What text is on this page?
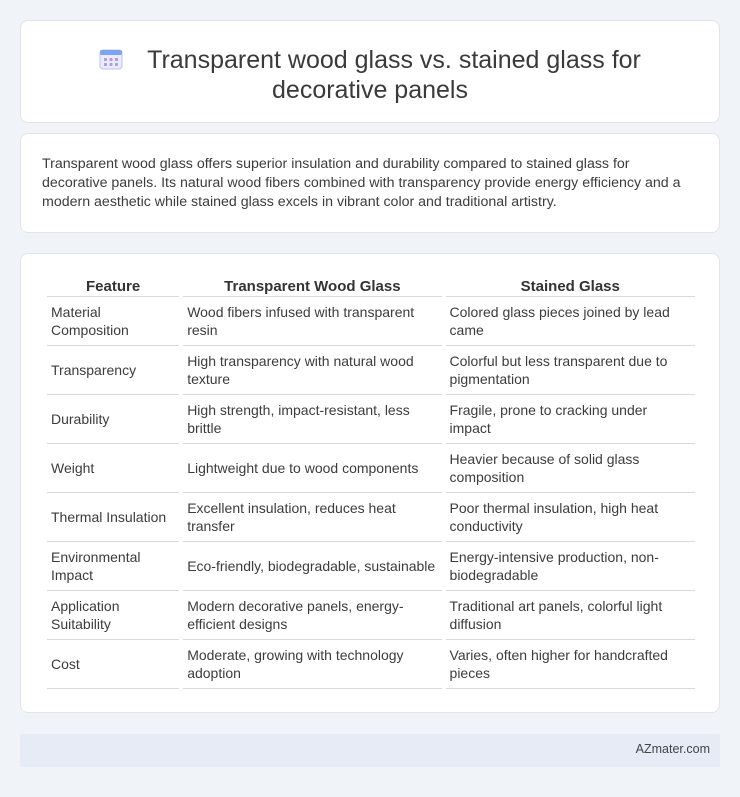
Transparent wood glass vs. stained glass for decorative panels

Transparent wood glass offers superior insulation and durability compared to stained glass for decorative panels. Its natural wood fibers combined with transparency provide energy efficiency and a modern aesthetic while stained glass excels in vibrant color and traditional artistry.

Feature	Transparent Wood Glass	Stained Glass
Material Composition	Wood fibers infused with transparent resin	Colored glass pieces joined by lead came
Transparency	High transparency with natural wood texture	Colorful but less transparent due to pigmentation
Durability	High strength, impact-resistant, less brittle	Fragile, prone to cracking under impact
Weight	Lightweight due to wood components	Heavier because of solid glass composition
Thermal Insulation	Excellent insulation, reduces heat transfer	Poor thermal insulation, high heat conductivity
Environmental Impact	Eco-friendly, biodegradable, sustainable	Energy-intensive production, non-biodegradable
Application Suitability	Modern decorative panels, energy-efficient designs	Traditional art panels, colorful light diffusion
Cost	Moderate, growing with technology adoption	Varies, often higher for handcrafted pieces
AZmater.com
